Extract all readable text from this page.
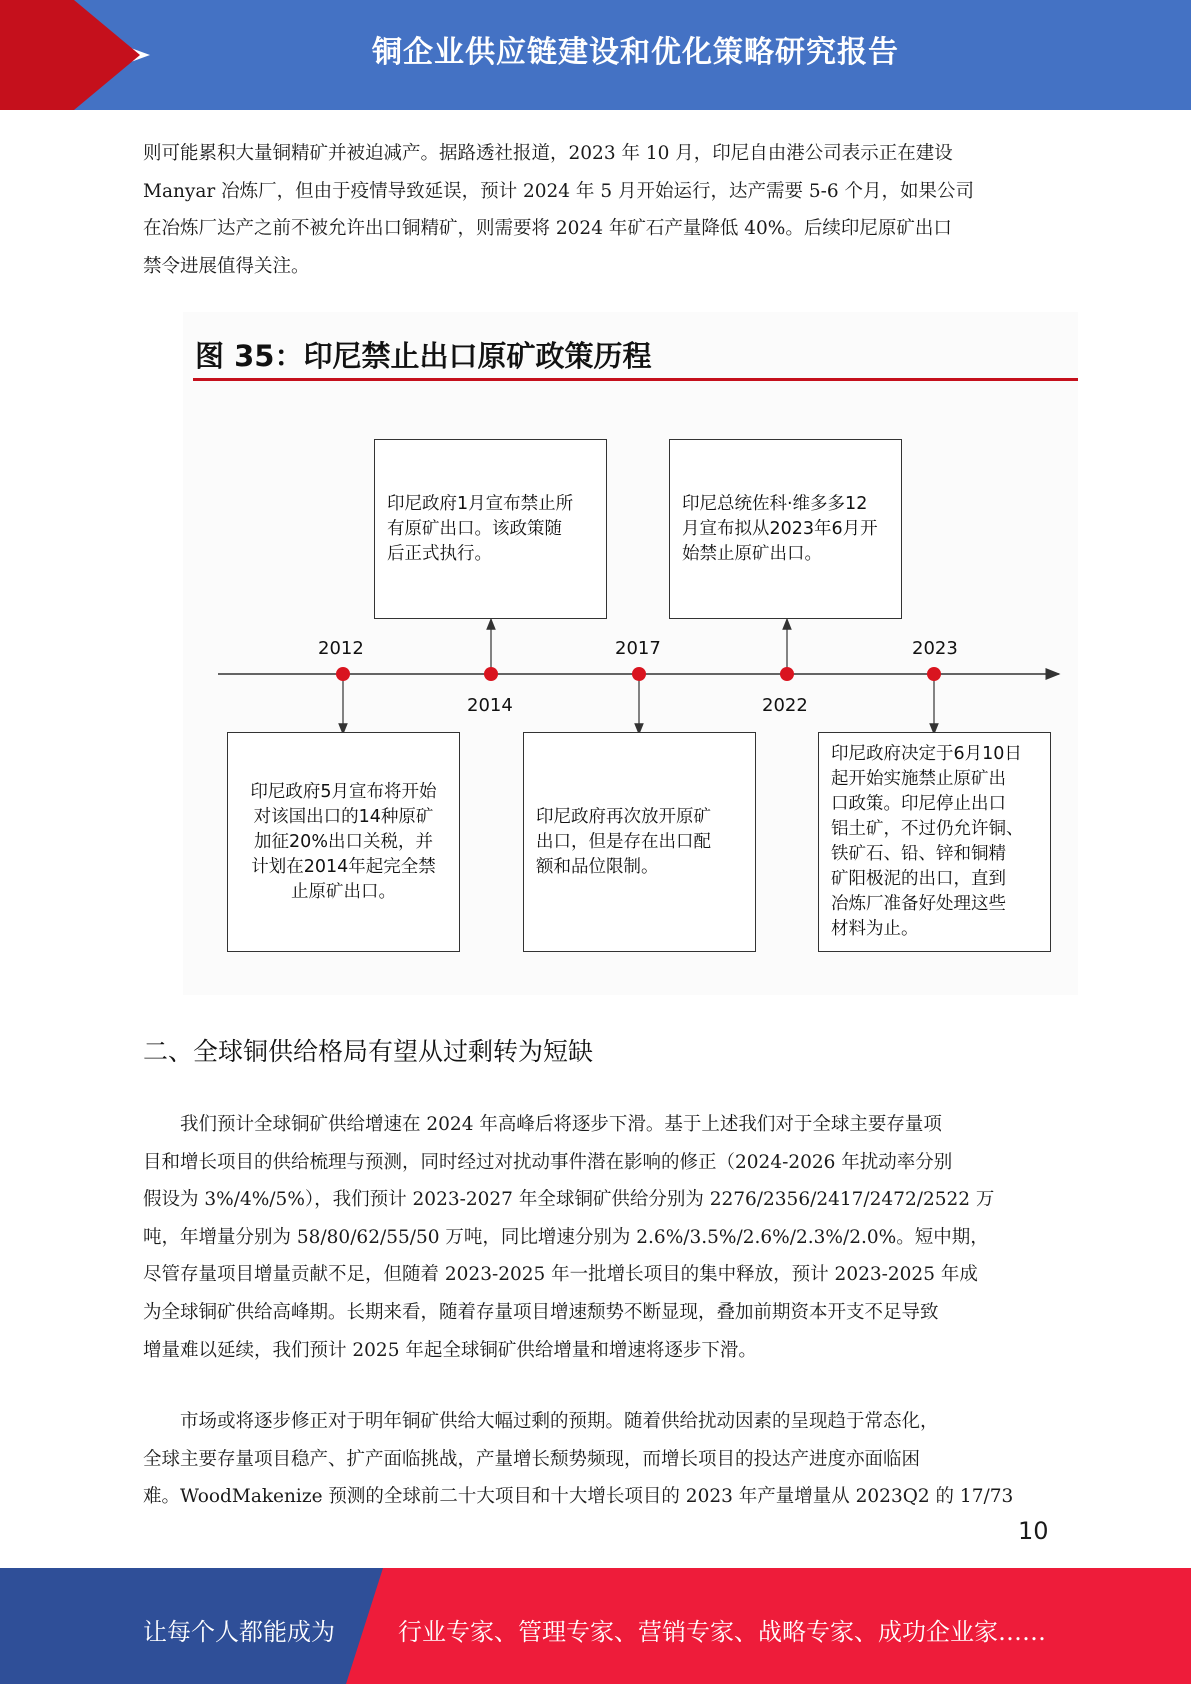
铜企业供应链建设和优化策略研究报告

则可能累积大量铜精矿并被迫减产。据路透社报道，2023 年 10 月，印尼自由港公司表示正在建设

Manyar 冶炼厂，但由于疫情导致延误，预计 2024 年 5 月开始运行，达产需要 5-6 个月，如果公司

在冶炼厂达产之前不被允许出口铜精矿，则需要将 2024 年矿石产量降低 40%。后续印尼原矿出口

禁令进展值得关注。

图 35：印尼禁止出口原矿政策历程
2012
2014
2017
2022
2023
印尼政府5月宣布将开始
对该国出口的14种原矿
加征20%出口关税，并
计划在2014年起完全禁
止原矿出口。
印尼政府1月宣布禁止所
有原矿出口。该政策随
后正式执行。
印尼政府再次放开原矿
出口，但是存在出口配
额和品位限制。
印尼总统佐科·维多多12
月宣布拟从2023年6月开
始禁止原矿出口。
印尼政府决定于6月10日
起开始实施禁止原矿出
口政策。印尼停止出口
铝土矿，不过仍允许铜、
铁矿石、铅、锌和铜精
矿阳极泥的出口，直到
冶炼厂准备好处理这些
材料为止。
二、全球铜供给格局有望从过剩转为短缺

我们预计全球铜矿供给增速在 2024 年高峰后将逐步下滑。基于上述我们对于全球主要存量项

目和增长项目的供给梳理与预测，同时经过对扰动事件潜在影响的修正（2024-2026 年扰动率分别

假设为 3%/4%/5%），我们预计 2023-2027 年全球铜矿供给分别为 2276/2356/2417/2472/2522 万

吨，年增量分别为 58/80/62/55/50 万吨，同比增速分别为 2.6%/3.5%/2.6%/2.3%/2.0%。短中期，

尽管存量项目增量贡献不足，但随着 2023-2025 年一批增长项目的集中释放，预计 2023-2025 年成

为全球铜矿供给高峰期。长期来看，随着存量项目增速颓势不断显现，叠加前期资本开支不足导致

增量难以延续，我们预计 2025 年起全球铜矿供给增量和增速将逐步下滑。

市场或将逐步修正对于明年铜矿供给大幅过剩的预期。随着供给扰动因素的呈现趋于常态化，

全球主要存量项目稳产、扩产面临挑战，产量增长颓势频现，而增长项目的投达产进度亦面临困

难。WoodMakenize 预测的全球前二十大项目和十大增长项目的 2023 年产量增量从 2023Q2 的 17/73

10
让每个人都能成为	行业专家、管理专家、营销专家、战略专家、成功企业家……
